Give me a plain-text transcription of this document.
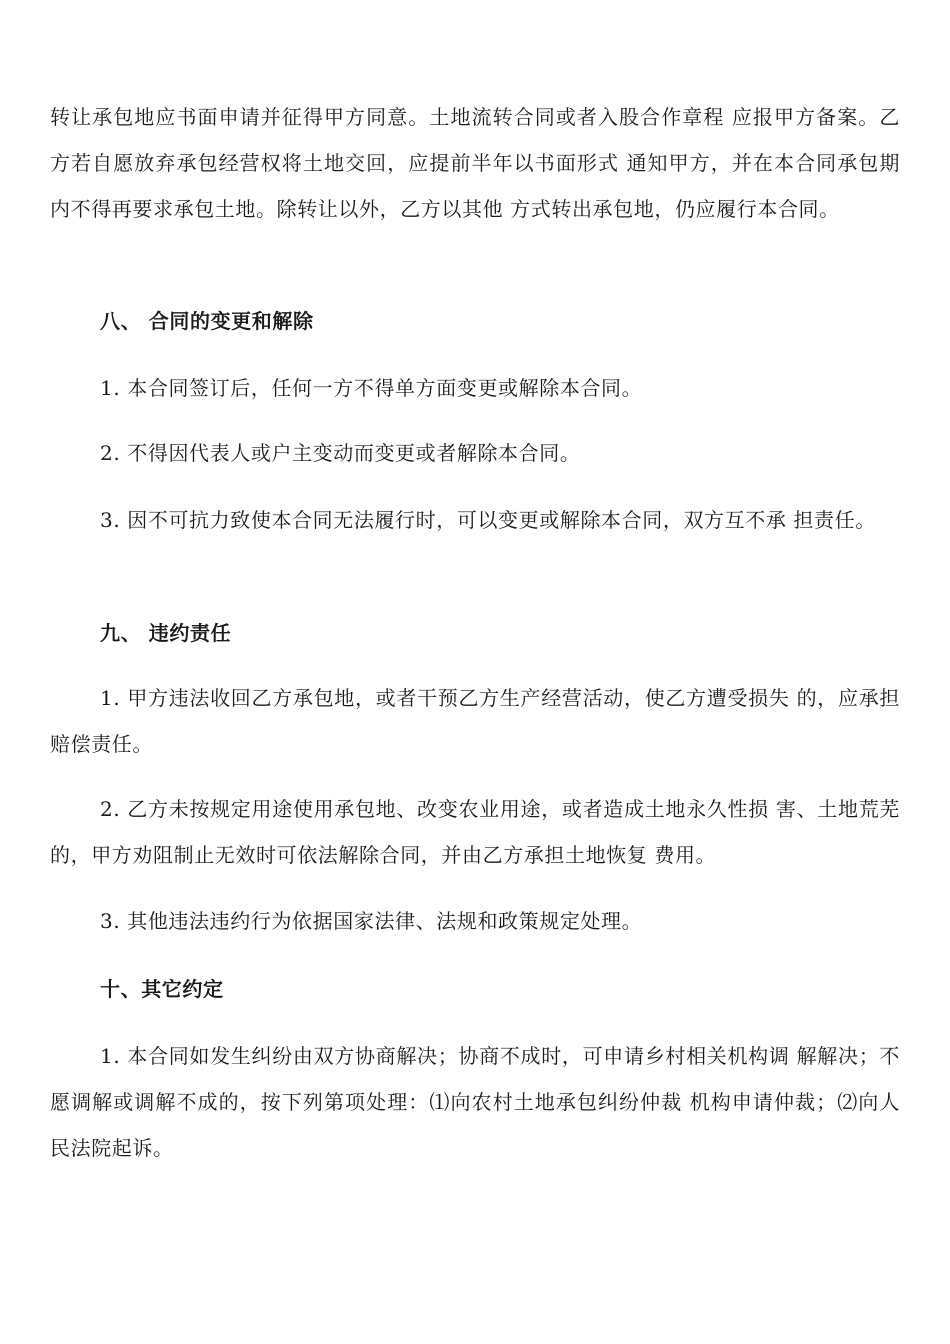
转让承包地应书面申请并征得甲方同意。土地流转合同或者入股合作章程 应报甲方备案。乙方若自愿放弃承包经营权将土地交回，应提前半年以书面形式 通知甲方，并在本合同承包期内不得再要求承包土地。除转让以外，乙方以其他 方式转出承包地，仍应履行本合同。

八、 合同的变更和解除

1. 本合同签订后，任何一方不得单方面变更或解除本合同。

2. 不得因代表人或户主变动而变更或者解除本合同。

3. 因不可抗力致使本合同无法履行时，可以变更或解除本合同，双方互不承 担责任。

九、 违约责任

1. 甲方违法收回乙方承包地，或者干预乙方生产经营活动，使乙方遭受损失 的，应承担赔偿责任。

2. 乙方未按规定用途使用承包地、改变农业用途，或者造成土地永久性损 害、土地荒芜的，甲方劝阻制止无效时可依法解除合同，并由乙方承担土地恢复 费用。

3. 其他违法违约行为依据国家法律、法规和政策规定处理。

十、其它约定

1. 本合同如发生纠纷由双方协商解决；协商不成时，可申请乡村相关机构调 解解决；不愿调解或调解不成的，按下列第项处理：⑴向农村土地承包纠纷仲裁 机构申请仲裁；⑵向人民法院起诉。
